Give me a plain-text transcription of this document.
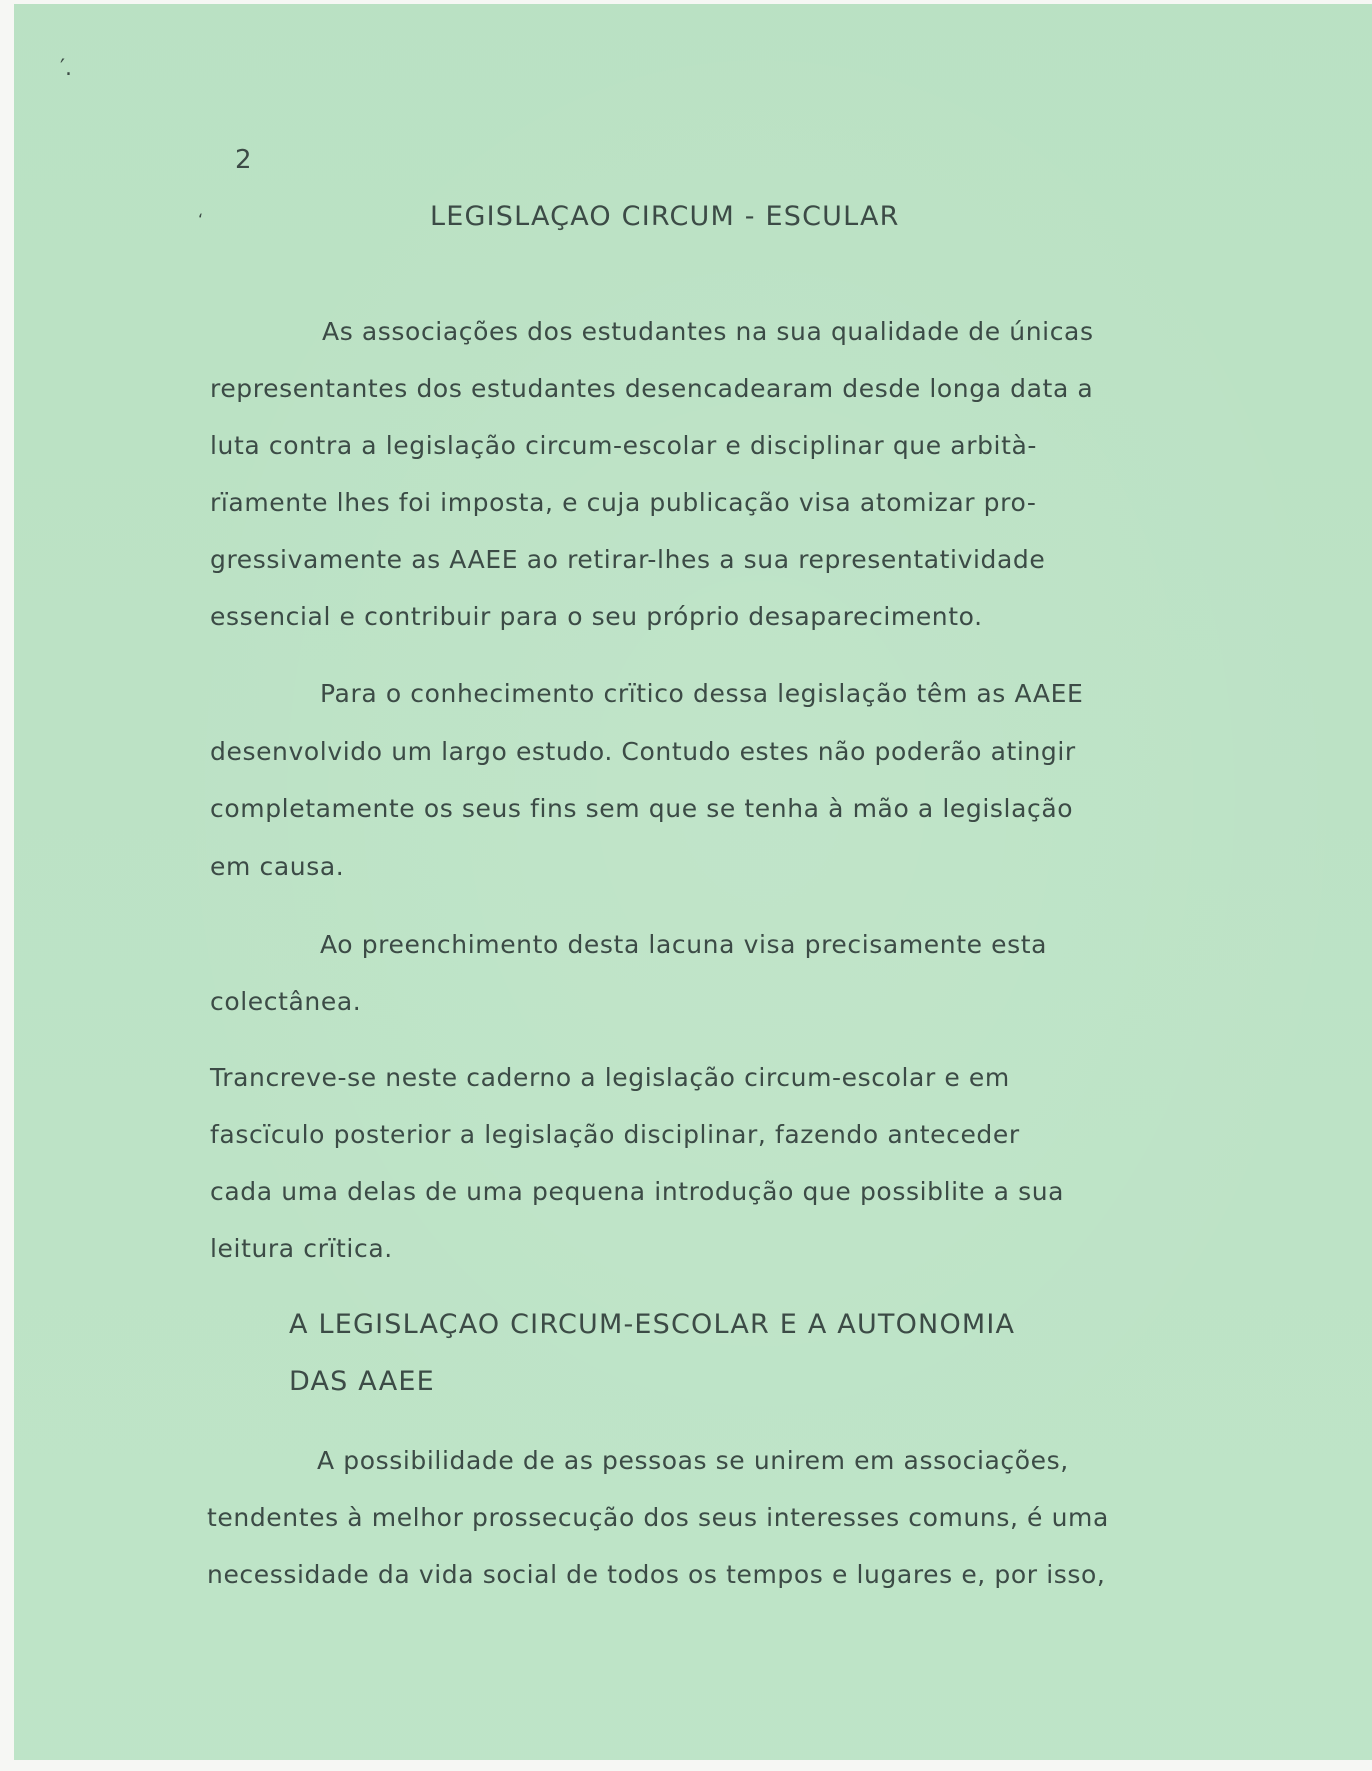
′.
‘
2
LEGISLAÇAO CIRCUM - ESCULAR
As associações dos estudantes na sua qualidade de únicas
representantes dos estudantes desencadearam desde longa data a
luta contra a legislação circum-escolar e disciplinar que arbità-
rïamente lhes foi imposta, e cuja publicação visa atomizar pro-
gressivamente as AAEE ao retirar-lhes a sua representatividade
essencial e contribuir para o seu próprio desaparecimento.
Para o conhecimento crïtico dessa legislação têm as AAEE
desenvolvido um largo estudo. Contudo estes não poderão atingir
completamente os seus fins sem que se tenha à mão a legislação
em causa.
Ao preenchimento desta lacuna visa precisamente esta
colectânea.
Trancreve-se neste caderno a legislação circum-escolar e em
fascïculo posterior a legislação disciplinar, fazendo anteceder
cada uma delas de uma pequena introdução que possiblite a sua
leitura crïtica.
A LEGISLAÇAO CIRCUM-ESCOLAR E A AUTONOMIA
DAS AAEE
A possibilidade de as pessoas se unirem em associações,
tendentes à melhor prossecução dos seus interesses comuns, é uma
necessidade da vida social de todos os tempos e lugares e, por isso,
